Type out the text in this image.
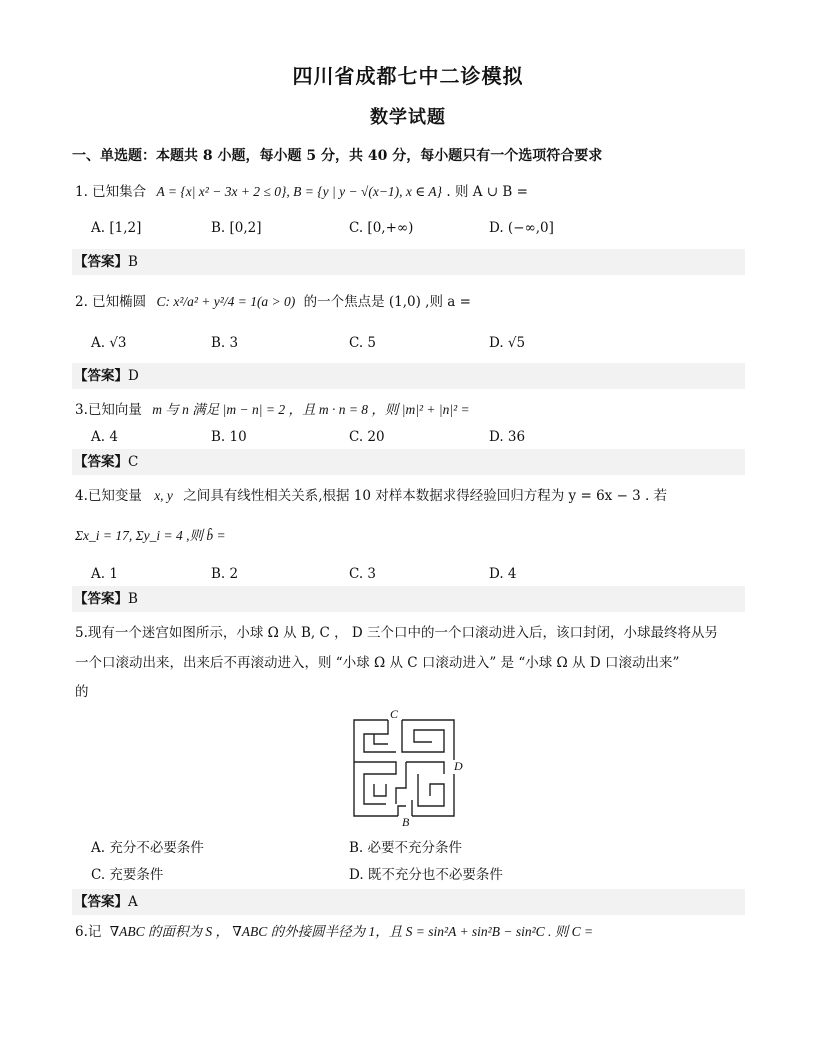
四川省成都七中二诊模拟
数学试题
一、单选题：本题共 8 小题，每小题 5 分，共 40 分，每小题只有一个选项符合要求
1. 已知集合 A = {x| x² − 3x + 2 ≤ 0}, B = {y | y − √(x−1), x ∈ A} . 则 A ∪ B =
A. [1,2]	B. [0,2]	C. [0,+∞)	D. (−∞,0]
【答案】B
2. 已知椭圆 C: x²/a² + y²/4 = 1(a > 0) 的一个焦点是 (1,0) ,则 a =
A. √3	B. 3	C. 5	D. √5
【答案】D
3.已知向量 m 与 n 满足 |m − n| = 2 ，且 m · n = 8 ，则 |m|² + |n|² =
A. 4	B. 10	C. 20	D. 36
【答案】C
4.已知变量 x, y 之间具有线性相关关系,根据 10 对样本数据求得经验回归方程为 y = 6x − 3 . 若
Σx_i = 17, Σy_i = 4 ,则 b̂ =
A. 1	B. 2	C. 3	D. 4
【答案】B
5.现有一个迷宫如图所示，小球 Ω 从 B, C ， D 三个口中的一个口滚动进入后，该口封闭，小球最终将从另
一个口滚动出来，出来后不再滚动进入，则 “小球 Ω 从 C 口滚动进入” 是 “小球 Ω 从 D 口滚动出来”
的
C
D
B
A. 充分不必要条件	B. 必要不充分条件
C. 充要条件	D. 既不充分也不必要条件
【答案】A
6.记 ∇ABC 的面积为 S ， ∇ABC 的外接圆半径为 1，且 S = sin²A + sin²B − sin²C . 则 C =
